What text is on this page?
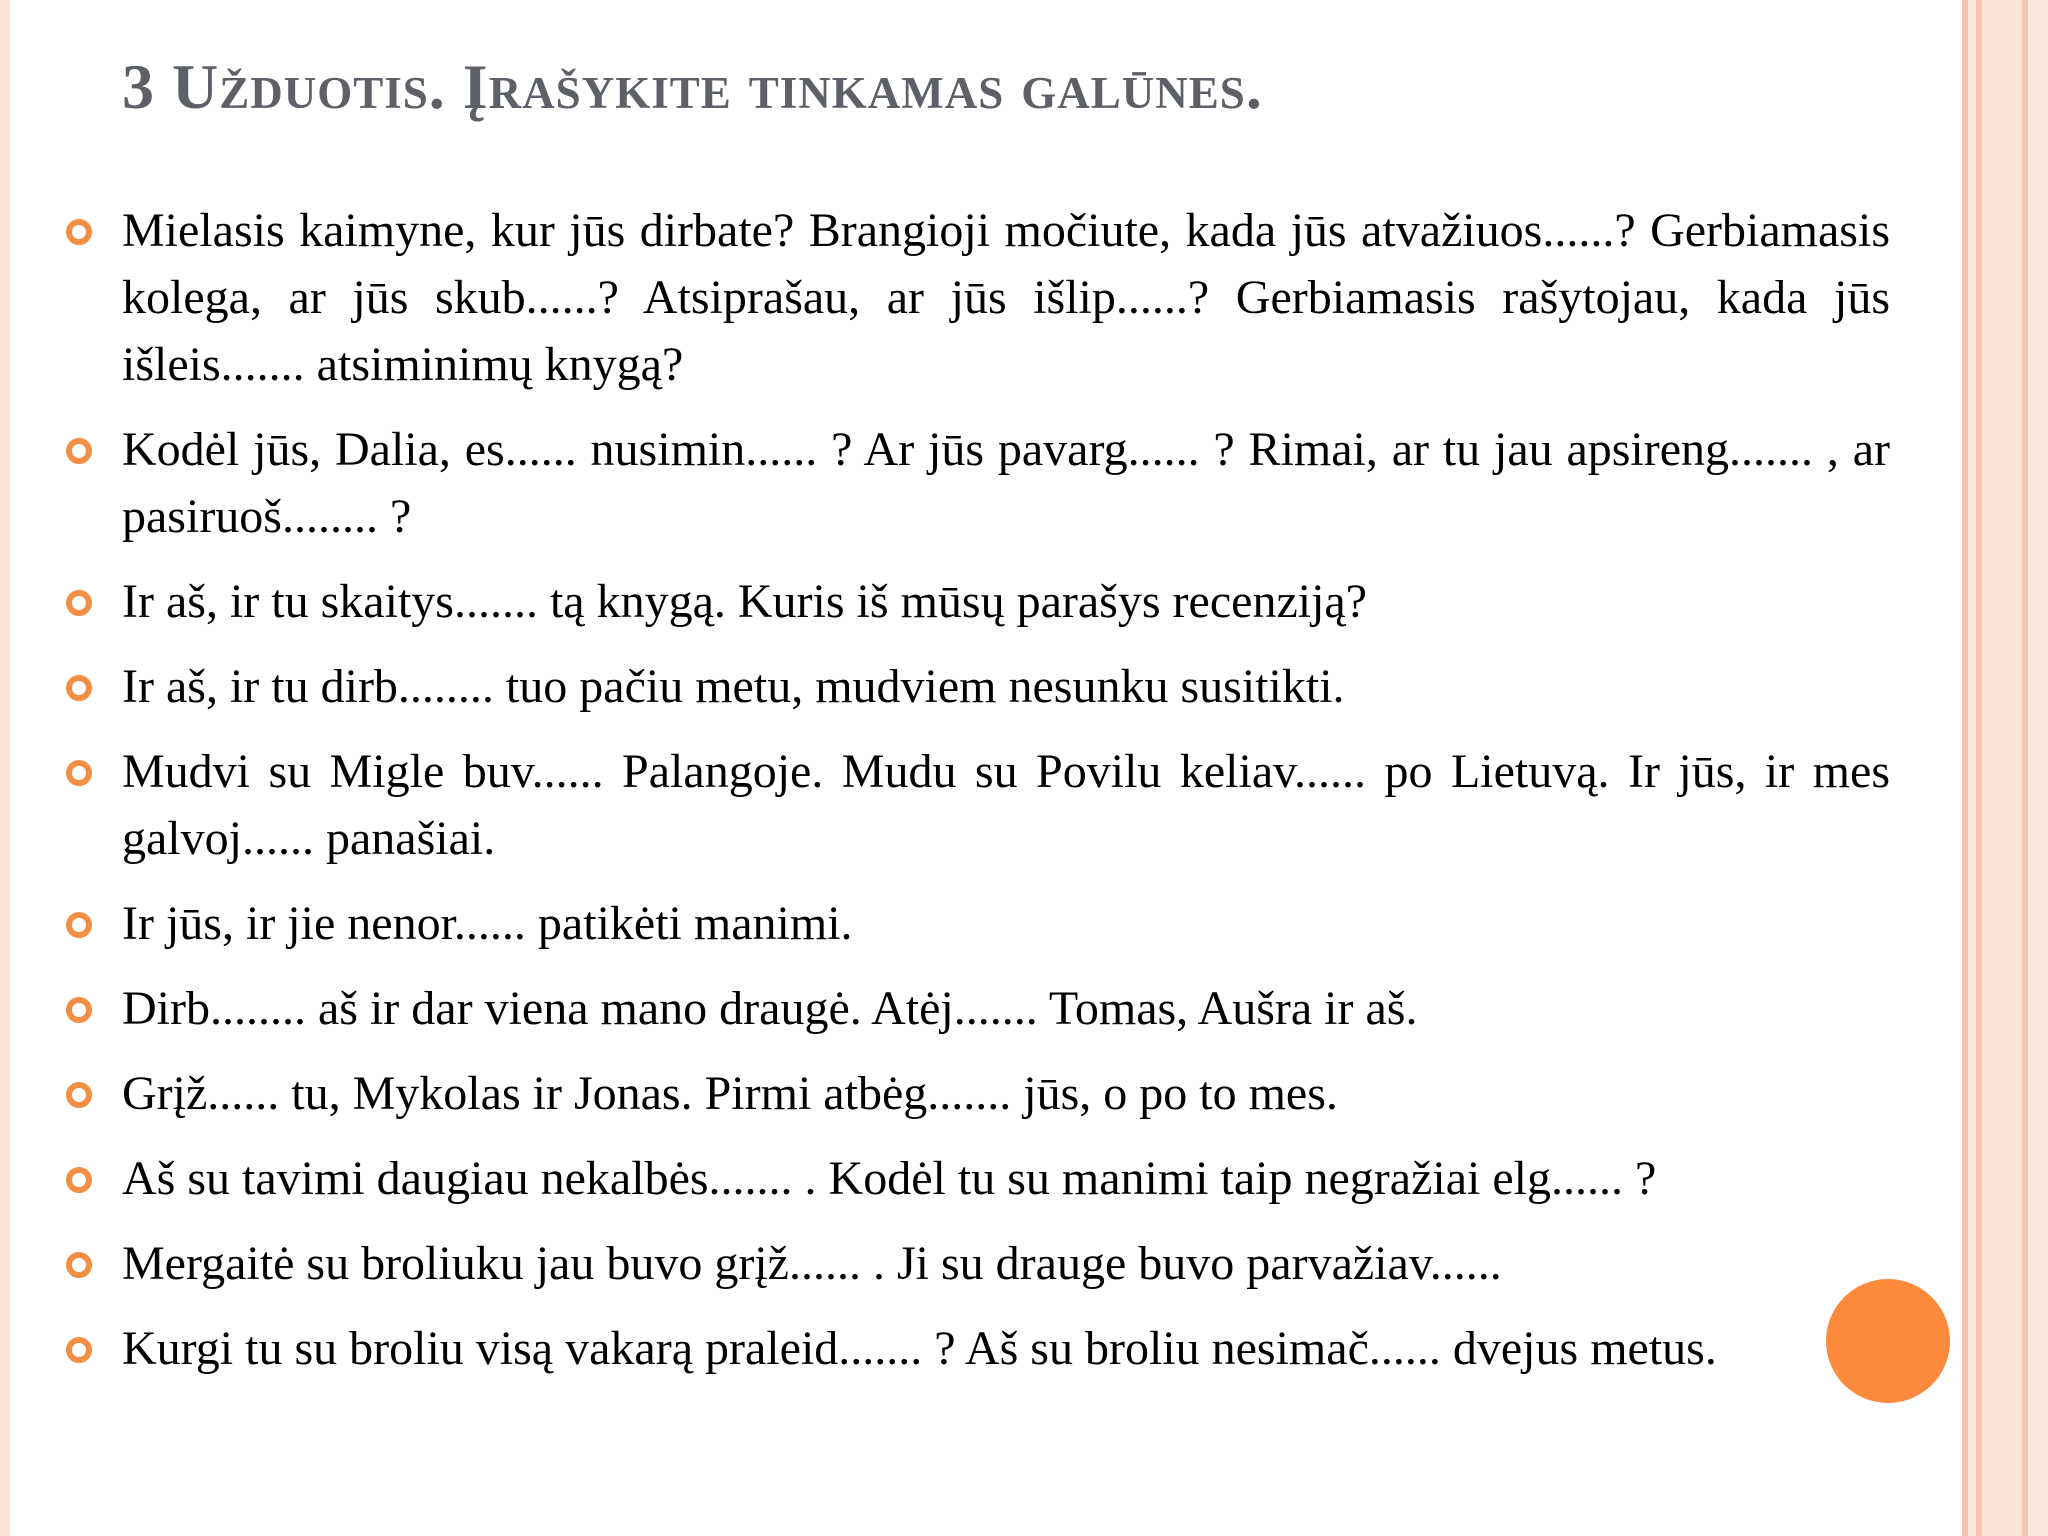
3 Užduotis. Įrašykite tinkamas galūnes.
Mielasis kaimyne, kur jūs dirbate? Brangioji močiute, kada jūs atvažiuos......? Gerbiamasis kolega, ar jūs skub......? Atsiprašau, ar jūs išlip......? Gerbiamasis rašytojau, kada jūs išleis....... atsiminimų knygą?
Kodėl jūs, Dalia, es...... nusimin...... ? Ar jūs pavarg...... ? Rimai, ar tu jau apsireng....... , ar pasiruoš........ ?
Ir aš, ir tu skaitys....... tą knygą. Kuris iš mūsų parašys recenziją?
Ir aš, ir tu dirb........ tuo pačiu metu, mudviem nesunku susitikti.
Mudvi su Migle buv...... Palangoje. Mudu su Povilu keliav...... po Lietuvą. Ir jūs, ir mes galvoj...... panašiai.
Ir jūs, ir jie nenor...... patikėti manimi.
Dirb........ aš ir dar viena mano draugė. Atėj....... Tomas, Aušra ir aš.
Grįž...... tu, Mykolas ir Jonas. Pirmi atbėg....... jūs, o po to mes.
Aš su tavimi daugiau nekalbės....... . Kodėl tu su manimi taip negražiai elg...... ?
Mergaitė su broliuku jau buvo grįž...... . Ji su drauge buvo parvažiav......
Kurgi tu su broliu visą vakarą praleid....... ? Aš su broliu nesimač...... dvejus metus.
